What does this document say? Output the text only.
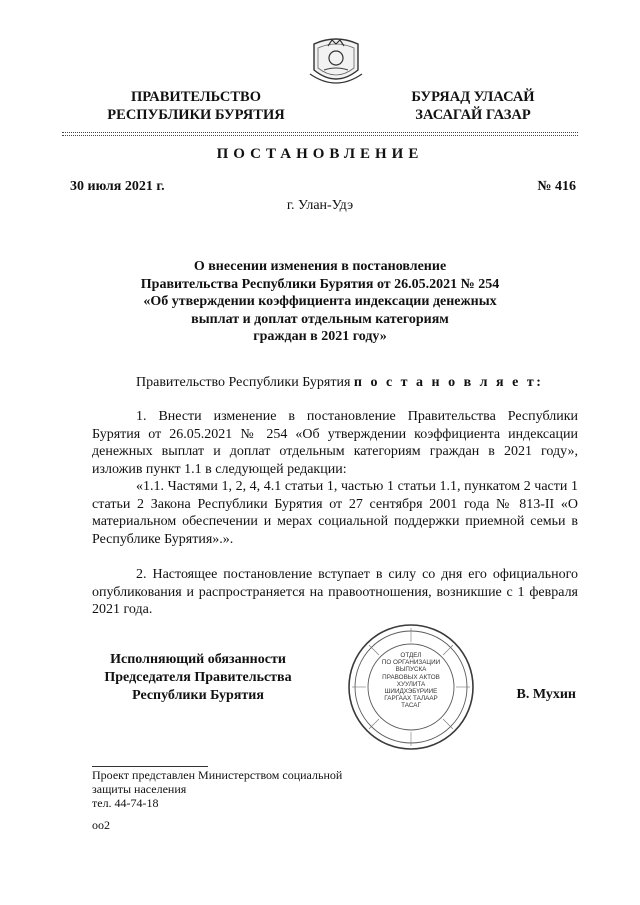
ПРАВИТЕЛЬСТВО
РЕСПУБЛИКИ БУРЯТИЯ
БУРЯАД УЛАСАЙ
ЗАСАГАЙ ГАЗАР
ПОСТАНОВЛЕНИЕ
30 июля 2021 г.	№ 416
г. Улан-Удэ
О внесении изменения в постановление
Правительства Республики Бурятия от 26.05.2021 № 254
«Об утверждении коэффициента индексации денежных
выплат и доплат отдельным категориям
граждан в 2021 году»
Правительство Республики Бурятия п о с т а н о в л я е т:
1. Внести изменение в постановление Правительства Республики Бурятия от 26.05.2021 № 254 «Об утверждении коэффициента индексации денежных выплат и доплат отдельным категориям граждан в 2021 году», изложив пункт 1.1 в следующей редакции:
«1.1. Частями 1, 2, 4, 4.1 статьи 1, частью 1 статьи 1.1, пункатом 2 части 1 статьи 2 Закона Республики Бурятия от 27 сентября 2001 года № 813-II «О материальном обеспечении и мерах социальной поддержки приемной семьи в Республике Бурятия».».
2. Настоящее постановление вступает в силу со дня его официального опубликования и распространяется на правоотношения, возникшие с 1 февраля 2021 года.
Исполняющий обязанности
Председателя Правительства
Республики Бурятия
ОТДЕЛ
ПО ОРГАНИЗАЦИИ
ВЫПУСКА
ПРАВОВЫХ АКТОВ
ХУУЛИТА
ШИИДХЭБҮРИИЕ
ГАРГААХ ТАЛААР
ТАСАГ
В. Мухин
Проект представлен Министерством социальной
защиты населения
тел. 44-74-18
оо2
